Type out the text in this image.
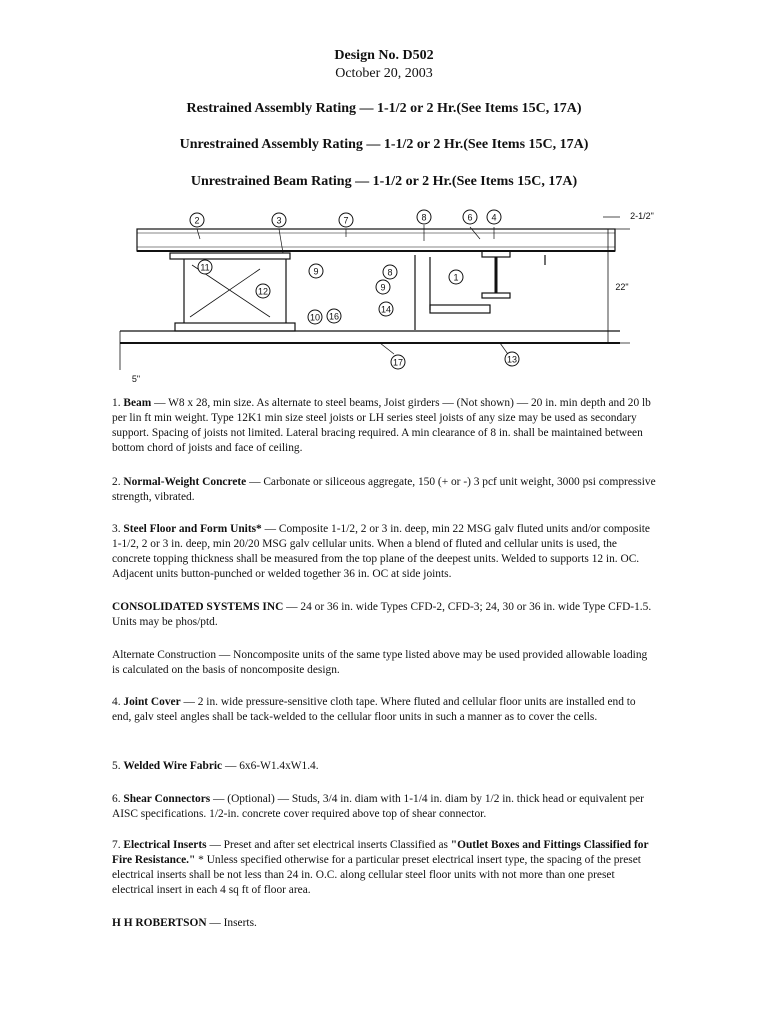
Design No. D502
October 20, 2003
Restrained Assembly Rating — 1-1/2 or 2 Hr.(See Items 15C, 17A)
Unrestrained Assembly Rating — 1-1/2 or 2 Hr.(See Items 15C, 17A)
Unrestrained Beam Rating — 1-1/2 or 2 Hr.(See Items 15C, 17A)
2	3	7	8	6 4
11
12
9
1
8
9
14
10 16
17	13
2-1/2"
22"
5"

1. Beam — W8 x 28, min size. As alternate to steel beams, Joist girders — (Not shown) — 20 in. min depth and 20 lb per lin ft min weight. Type 12K1 min size steel joists or LH series steel joists of any size may be used as secondary support. Spacing of joists not limited. Lateral bracing required. A min clearance of 8 in. shall be maintained between bottom chord of joists and face of ceiling.

2. Normal-Weight Concrete — Carbonate or siliceous aggregate, 150 (+ or -) 3 pcf unit weight, 3000 psi compressive strength, vibrated.

3. Steel Floor and Form Units* — Composite 1-1/2, 2 or 3 in. deep, min 22 MSG galv fluted units and/or composite 1-1/2, 2 or 3 in. deep, min 20/20 MSG galv cellular units. When a blend of fluted and cellular units is used, the concrete topping thickness shall be measured from the top plane of the deepest units. Welded to supports 12 in. OC. Adjacent units button-punched or welded together 36 in. OC at side joints.

CONSOLIDATED SYSTEMS INC — 24 or 36 in. wide Types CFD-2, CFD-3; 24, 30 or 36 in. wide Type CFD-1.5. Units may be phos/ptd.

Alternate Construction — Noncomposite units of the same type listed above may be used provided allowable loading is calculated on the basis of noncomposite design.

4. Joint Cover — 2 in. wide pressure-sensitive cloth tape. Where fluted and cellular floor units are installed end to end, galv steel angles shall be tack-welded to the cellular floor units in such a manner as to cover the cells.

5. Welded Wire Fabric — 6x6-W1.4xW1.4.

6. Shear Connectors — (Optional) — Studs, 3/4 in. diam with 1-1/4 in. diam by 1/2 in. thick head or equivalent per AISC specifications. 1/2-in. concrete cover required above top of shear connector.

7. Electrical Inserts — Preset and after set electrical inserts Classified as "Outlet Boxes and Fittings Classified for Fire Resistance." * Unless specified otherwise for a particular preset electrical insert type, the spacing of the preset electrical inserts shall be not less than 24 in. O.C. along cellular steel floor units with not more than one preset electrical insert in each 4 sq ft of floor area.

H H ROBERTSON — Inserts.
